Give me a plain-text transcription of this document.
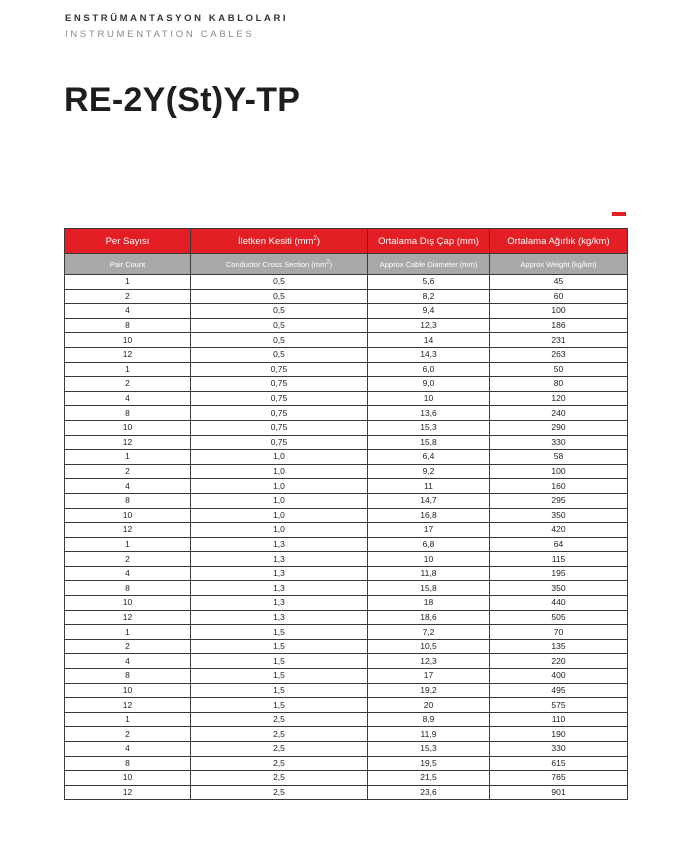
ENSTRÜMANTASYON KABLOLARI
INSTRUMENTATION CABLES
RE-2Y(St)Y-TP
Per Sayısı	İletken Kesiti $(mm^2)$	Ortalama Dış Çap (mm)	Ortalama Ağırlık (kg/km)
Pair Count	Conductor Cross Section $(mm^2)$	Approx Cable Diameter (mm)	Approx Weight (kg/km)
1	0,5	5,6	45
2	0,5	8,2	60
4	0,5	9,4	100
8	0,5	12,3	186
10	0,5	14	231
12	0,5	14,3	263
1	0,75	6,0	50
2	0,75	9,0	80
4	0,75	10	120
8	0,75	13,6	240
10	0,75	15,3	290
12	0,75	15,8	330
1	1,0	6,4	58
2	1,0	9,2	100
4	1,0	11	160
8	1,0	14,7	295
10	1,0	16,8	350
12	1,0	17	420
1	1,3	6,8	64
2	1,3	10	115
4	1,3	11,8	195
8	1,3	15,8	350
10	1,3	18	440
12	1,3	18,6	505
1	1,5	7,2	70
2	1,5	10,5	135
4	1,5	12,3	220
8	1,5	17	400
10	1,5	19,2	495
12	1,5	20	575
1	2,5	8,9	110
2	2,5	11,9	190
4	2,5	15,3	330
8	2,5	19,5	615
10	2,5	21,5	765
12	2,5	23,6	901
